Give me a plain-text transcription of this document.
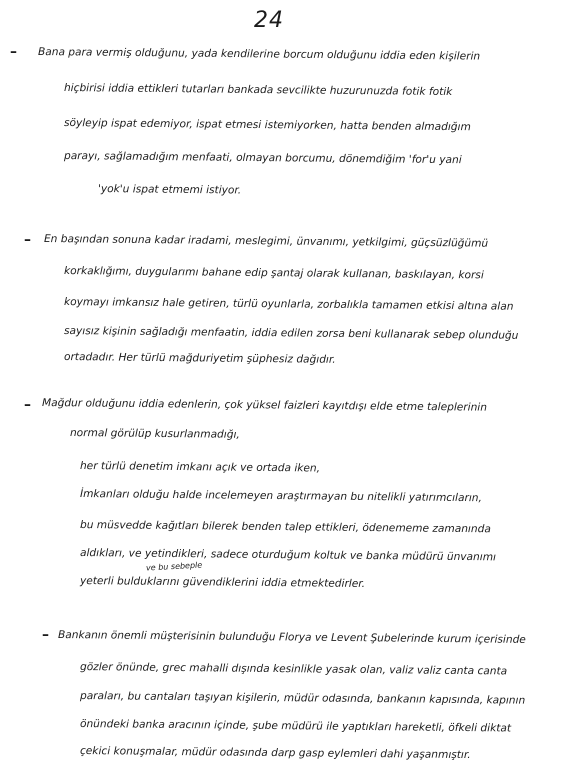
24
– Bana para vermiş olduğunu, yada kendilerine borcum olduğunu iddia eden kişilerin
hiçbirisi iddia ettikleri tutarları bankada sevcilikte huzurunuzda fotik fotik
söyleyip ispat edemiyor, ispat etmesi istemiyorken, hatta benden almadığım
parayı, sağlamadığım menfaati, olmayan borcumu, dönemdiğim 'for'u yani
'yok'u ispat etmemi istiyor.
– En başından sonuna kadar iradami, meslegimi, ünvanımı, yetkilgimi, güçsüzlüğümü
korkaklığımı, duygularımı bahane edip şantaj olarak kullanan, baskılayan, korsi
koymayı imkansız hale getiren, türlü oyunlarla, zorbalıkla tamamen etkisi altına alan
sayısız kişinin sağladığı menfaatin, iddia edilen zorsa beni kullanarak sebep olunduğu
ortadadır. Her türlü mağduriyetim şüphesiz dağıdır.
– Mağdur olduğunu iddia edenlerin, çok yüksel faizleri kayıtdışı elde etme taleplerinin
normal görülüp kusurlanmadığı,
her türlü denetim imkanı açık ve ortada iken,
İmkanları olduğu halde incelemeyen araştırmayan bu nitelikli yatırımcıların,
bu müsvedde kağıtları bilerek benden talep ettikleri, ödenememe zamanında
aldıkları, ve yetindikleri, sadece oturduğum koltuk ve banka müdürü ünvanımı
ve bu sebeple
yeterli bulduklarını güvendiklerini iddia etmektedirler.
– Bankanın önemli müşterisinin bulunduğu Florya ve Levent Şubelerinde kurum içerisinde
gözler önünde, grec mahalli dışında kesinlikle yasak olan, valiz valiz canta canta
paraları, bu cantaları taşıyan kişilerin, müdür odasında, bankanın kapısında, kapının
önündeki banka aracının içinde, şube müdürü ile yaptıkları hareketli, öfkeli diktat
çekici konuşmalar, müdür odasında darp gasp eylemleri dahi yaşanmıştır.
